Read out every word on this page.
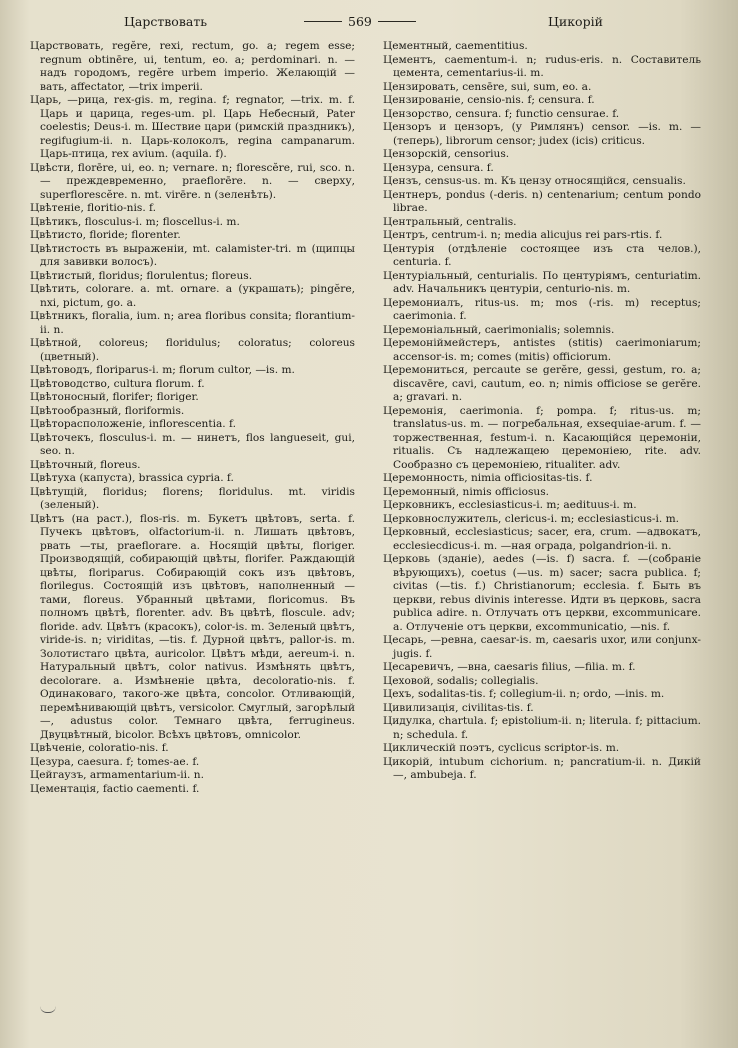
Царствовать	569	Цикорiй

Царствовать, regĕre, rexi, rectum, go. a; regem esse; regnum obtinēre, ui, tentum, eo. a; perdominari. n. — надъ городомъ, regĕre urbem imperio. Желающiй —вать, affectator, —trix imperii.

Царь, —рица, rex-gis. m, regina. f; regnator, —trix. m. f. Царь и царица, reges-um. pl. Царь Небесный, Pater coelestis; Deus-i. m. Шествие цари (римскiй праздникъ), regifugium-ii. n. Царь-колоколъ, regina campanarum. Царь-птица, rex avium. (aquila. f).

Цвѣсти, florēre, ui, eo. n; vernare. n; florescĕre, rui, sco. n. — преждевременно, praeflorēre. n. — сверху, superflorescĕre. n. mt. virēre. n (зеленѣть).

Цвѣтенiе, floritio-nis. f.

Цвѣтикъ, flosculus-i. m; floscellus-i. m.

Цвѣтисто, floride; florenter.

Цвѣтистость въ выраженiи, mt. calamister-tri. m (щипцы для завивки волосъ).

Цвѣтистый, floridus; florulentus; floreus.

Цвѣтить, colorare. a. mt. ornare. a (украшать); pingĕre, nxi, pictum, go. a.

Цвѣтникъ, floralia, ium. n; area floribus consita; florantium-ii. n.

Цвѣтной, coloreus; floridulus; coloratus; coloreus (цветный).

Цвѣтоводъ, floriparus-i. m; florum cultor, —is. m.

Цвѣтоводство, cultura florum. f.

Цвѣтоносный, florifer; floriger.

Цвѣтообразный, floriformis.

Цвѣторасположенiе, inflorescentia. f.

Цвѣточекъ, flosculus-i. m. — нинетъ, flos langueseit, gui, seo. n.

Цвѣточный, floreus.

Цвѣтуха (капуста), brassica cypria. f.

Цвѣтущiй, floridus; florens; floridulus. mt. viridis (зеленый).

Цвѣтъ (на раст.), flos-ris. m. Букетъ цвѣтовъ, serta. f. Пучекъ цвѣтовъ, olfactorium-ii. n. Лишать цвѣтовъ, рвать —ты, praeflorare. a. Носящiй цвѣты, floriger. Производящiй, собирающiй цвѣты, florifer. Раждающiй цвѣты, floriparus. Собирающiй сокъ изъ цвѣтовъ, florilegus. Состоящiй изъ цвѣтовъ, наполненный —тами, floreus. Убранный цвѣтами, floricomus. Въ полномъ цвѣтѣ, florenter. adv. Въ цвѣтѣ, flosculе. adv; floride. adv. Цвѣтъ (красокъ), color-is. m. Зеленый цвѣтъ, viride-is. n; viriditas, —tis. f. Дурной цвѣтъ, pallor-is. m. Золотистаго цвѣта, auricolor. Цвѣтъ мѣди, aereum-i. n. Натуральный цвѣтъ, color nativus. Измѣнять цвѣтъ, decolorare. a. Измѣненiе цвѣта, decoloratio-nis. f. Одинаковаго, такого-же цвѣта, concolor. Отливающiй, перемѣнивающiй цвѣтъ, versicolor. Смуглый, загорѣлый —, adustus color. Темнаго цвѣта, ferrugineus. Двуцвѣтный, bicolor. Всѣхъ цвѣтовъ, omnicolor.

Цвѣченiе, coloratio-nis. f.

Цезура, caesura. f; tomes-ae. f.

Цейгаузъ, armamentarium-ii. n.

Цементацiя, factio caementi. f.

Цементный, caementitius.

Цементъ, caementum-i. n; rudus-eris. n. Составитель цемента, cementarius-ii. m.

Цензировать, censēre, sui, sum, eo. a.

Цензированiе, censio-nis. f; censura. f.

Цензорство, censura. f; functio censurae. f.

Цензоръ и цензоръ, (у Римлянъ) censor. —is. m. — (теперь), librorum censor; judex (icis) criticus.

Цензорскiй, censorius.

Цензура, censura. f.

Цензъ, census-us. m. Къ цензу относящiйся, censualis.

Центнеръ, pondus (-deris. n) centenarium; centum pondo librae.

Центральный, centralis.

Центръ, centrum-i. n; media alicujus rei pars-rtis. f.

Центурiя (отдѣленiе состоящее изъ ста челов.), centuria. f.

Центурiальный, centurialis. По центурiямъ, centuriatim. adv. Начальникъ центурiи, centurio-nis. m.

Церемониалъ, ritus-us. m; mos (-ris. m) receptus; caerimonia. f.

Церемонiальный, caerimonialis; solemnis.

Церемонiймейстеръ, antistes (stitis) caerimoniarum; accensor-is. m; comes (mitis) officiorum.

Церемониться, percaute se gerĕre, gessi, gestum, ro. a; discavēre, cavi, cautum, eo. n; nimis officiose se gerĕre. a; gravari. n.

Церемонiя, caerimonia. f; pompa. f; ritus-us. m; translatus-us. m. — погребальная, exsequiae-arum. f. — торжественная, festum-i. n. Касающiйся церемонiи, ritualis. Съ надлежащею церемонiею, rite. adv. Сообразно съ церемонiею, ritualiter. adv.

Церемонность, nimia officiositas-tis. f.

Церемонный, nimis officiosus.

Церковникъ, ecclesiasticus-i. m; aedituus-i. m.

Церковнослужитель, clericus-i. m; ecclesiasticus-i. m.

Церковный, ecclesiasticus; sacer, era, crum. —адвокатъ, ecclesiecdicus-i. m. —ная ограда, polgandrion-ii. n.

Церковь (зданiе), aedes (—is. f) sacra. f. —(собранiе вѣрующихъ), coetus (—us. m) sacer; sacra publica. f; civitas (—tis. f.) Christianorum; ecclesia. f. Быть въ церкви, rebus divinis interesse. Идти въ церковь, sacra publica adire. n. Отлучать отъ церкви, excommunicare. a. Отлученiе отъ церкви, excommunicatio, —nis. f.

Цесарь, —ревна, caesar-is. m, caesaris uxor, или conjunx-jugis. f.

Цесаревичъ, —вна, caesaris filius, —filia. m. f.

Цеховой, sodalis; collegialis.

Цехъ, sodalitas-tis. f; collegium-ii. n; ordo, —inis. m.

Цивилизацiя, civilitas-tis. f.

Цидулка, chartula. f; epistolium-ii. n; literula. f; pittacium. n; schedula. f.

Циклическiй поэтъ, cyclicus scriptor-is. m.

Цикорiй, intubum cichorium. n; pancratium-ii. n. Дикiй —, ambubeja. f.
